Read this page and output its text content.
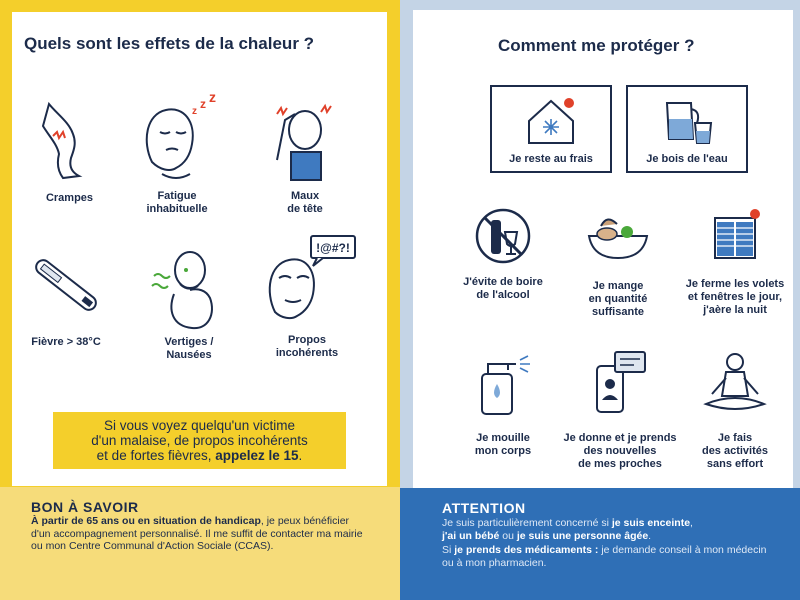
Quels sont les effets de la chaleur ?
Crampes
z
z z
Fatigue
inhabituelle
Maux
de tête
Fièvre > 38°C	Vertiges /
Nausées
!@#?!
Propos
incohérents
Si vous voyez quelqu'un victime
d'un malaise, de propos incohérents
et de fortes fièvres, appelez le 15.
BON À SAVOIR

À partir de 65 ans ou en situation de handicap, je peux bénéficier d'un accompagnement personnalisé. Il me suffit de contacter ma mairie ou mon Centre Communal d'Action Sociale (CCAS).

Comment me protéger ?
Je reste au frais	Je bois de l'eau
J'évite de boire
de l'alcool
Je mange
en quantité
suffisante
Je ferme les volets
et fenêtres le jour,
j'aère la nuit
Je mouille
mon corps
Je donne et je prends
des nouvelles
de mes proches
Je fais
des activités
sans effort
ATTENTION

Je suis particulièrement concerné si je suis enceinte,
j'ai un bébé ou je suis une personne âgée.

Si je prends des médicaments : je demande conseil à mon médecin ou à mon pharmacien.
